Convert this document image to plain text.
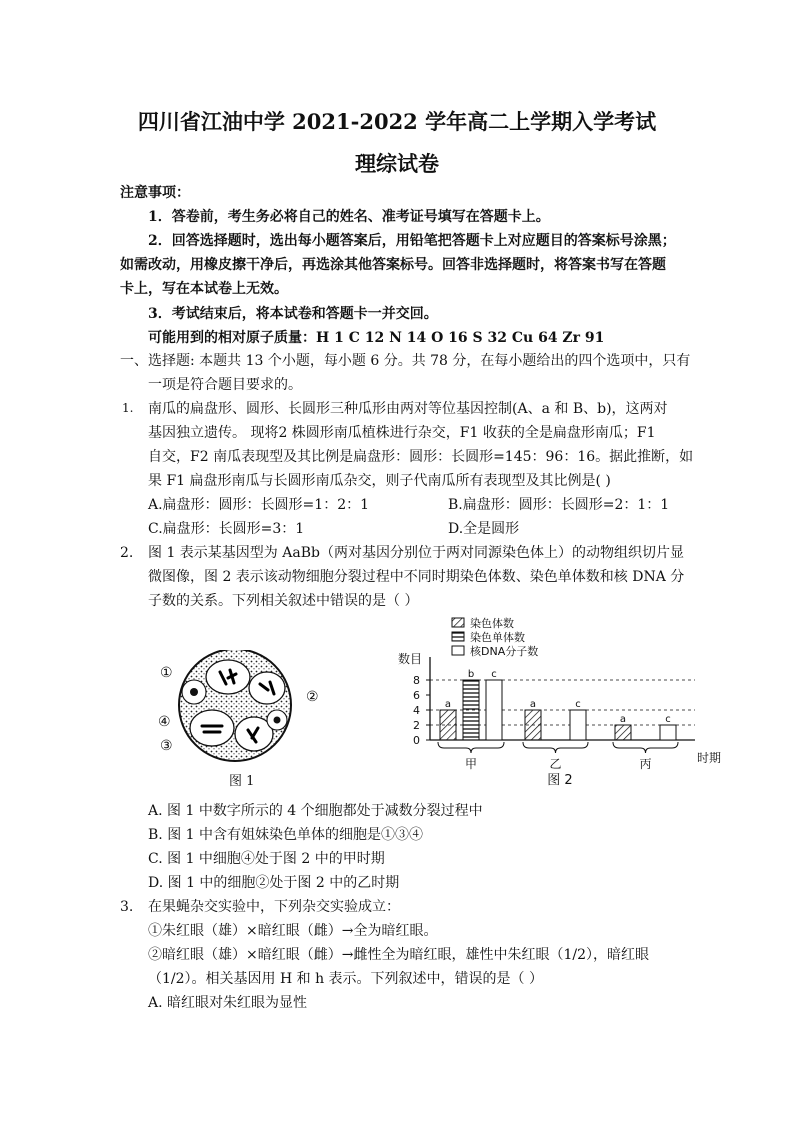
四川省江油中学 2021-2022 学年高二上学期入学考试
理综试卷
注意事项：
1．答卷前，考生务必将自己的姓名、准考证号填写在答题卡上。
2．回答选择题时，选出每小题答案后，用铅笔把答题卡上对应题目的答案标号涂黑；
如需改动，用橡皮擦干净后，再选涂其他答案标号。回答非选择题时，将答案书写在答题
卡上，写在本试卷上无效。
3．考试结束后，将本试卷和答题卡一并交回。
可能用到的相对原子质量：H 1 C 12 N 14 O 16 S 32 Cu 64 Zr 91
一、选择题: 本题共 13 个小题，每小题 6 分。共 78 分，在每小题给出的四个选项中，只有
一项是符合题目要求的。
1. 南瓜的扁盘形、圆形、长圆形三种瓜形由两对等位基因控制(A、a 和 B、b)，这两对
基因独立遗传。 现将2 株圆形南瓜植株进行杂交，F1 收获的全是扁盘形南瓜；F1
自交，F2 南瓜表现型及其比例是扁盘形：圆形：长圆形=145：96：16。据此推断，如
果 F1 扁盘形南瓜与长圆形南瓜杂交，则子代南瓜所有表现型及其比例是( )
A.扁盘形：圆形：长圆形=1：2：1	B.扁盘形：圆形：长圆形=2：1：1
C.扁盘形：长圆形=3：1	D.全是圆形
2. 图 1 表示某基因型为 AaBb（两对基因分别位于两对同源染色体上）的动物组织切片显
微图像，图 2 表示该动物细胞分裂过程中不同时期染色体数、染色单体数和核 DNA 分
子数的关系。下列相关叙述中错误的是（ ）
①
②
④
③
图 1
染色体数
染色单体数
核DNA分子数
数目
0
2
4
6
8
时期
图 2
a
b c
甲
a	c
乙
a	c
丙
A. 图 1 中数字所示的 4 个细胞都处于减数分裂过程中
B. 图 1 中含有姐妹染色单体的细胞是①③④
C. 图 1 中细胞④处于图 2 中的甲时期
D. 图 1 中的细胞②处于图 2 中的乙时期
3. 在果蝇杂交实验中，下列杂交实验成立：
①朱红眼（雄）×暗红眼（雌）→全为暗红眼。
②暗红眼（雄）×暗红眼（雌）→雌性全为暗红眼，雄性中朱红眼（1/2），暗红眼
（1/2）。相关基因用 H 和 h 表示。下列叙述中，错误的是（ ）
A. 暗红眼对朱红眼为显性
